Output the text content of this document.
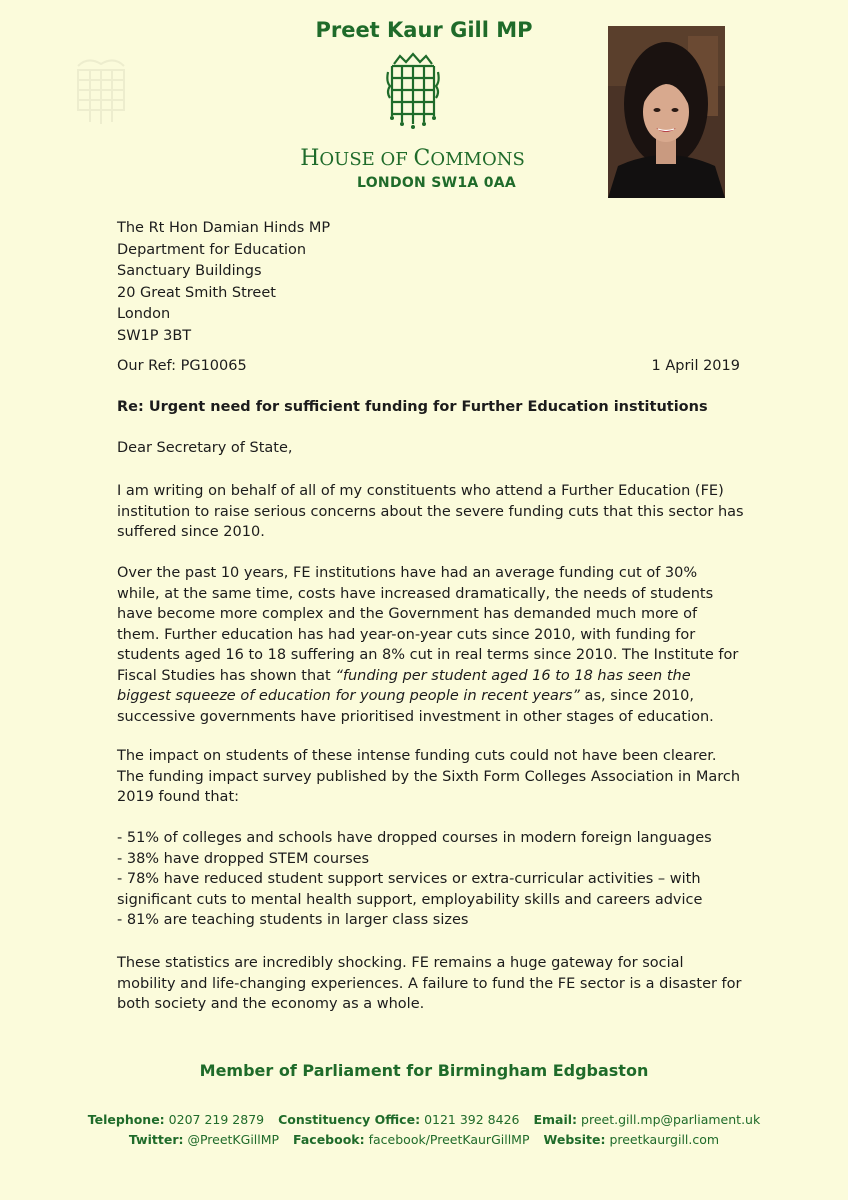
Preet Kaur Gill MP
HOUSE OF COMMONS
LONDON SW1A 0AA
The Rt Hon Damian Hinds MP
Department for Education
Sanctuary Buildings
20 Great Smith Street
London
SW1P 3BT
Our Ref: PG10065	1 April 2019
Re: Urgent need for sufficient funding for Further Education institutions
Dear Secretary of State,
I am writing on behalf of all of my constituents who attend a Further Education (FE) institution to raise serious concerns about the severe funding cuts that this sector has suffered since 2010.
Over the past 10 years, FE institutions have had an average funding cut of 30% while, at the same time, costs have increased dramatically, the needs of students have become more complex and the Government has demanded much more of them. Further education has had year-on-year cuts since 2010, with funding for students aged 16 to 18 suffering an 8% cut in real terms since 2010. The Institute for Fiscal Studies has shown that “funding per student aged 16 to 18 has seen the biggest squeeze of education for young people in recent years” as, since 2010, successive governments have prioritised investment in other stages of education.
The impact on students of these intense funding cuts could not have been clearer. The funding impact survey published by the Sixth Form Colleges Association in March 2019 found that:
- 51% of colleges and schools have dropped courses in modern foreign languages
- 38% have dropped STEM courses
- 78% have reduced student support services or extra-curricular activities – with significant cuts to mental health support, employability skills and careers advice
- 81% are teaching students in larger class sizes
These statistics are incredibly shocking. FE remains a huge gateway for social mobility and life-changing experiences. A failure to fund the FE sector is a disaster for both society and the economy as a whole.
Member of Parliament for Birmingham Edgbaston
Telephone: 0207 219 2879 Constituency Office: 0121 392 8426 Email: preet.gill.mp@parliament.uk
Twitter: @PreetKGillMP Facebook: facebook/PreetKaurGillMP Website: preetkaurgill.com
